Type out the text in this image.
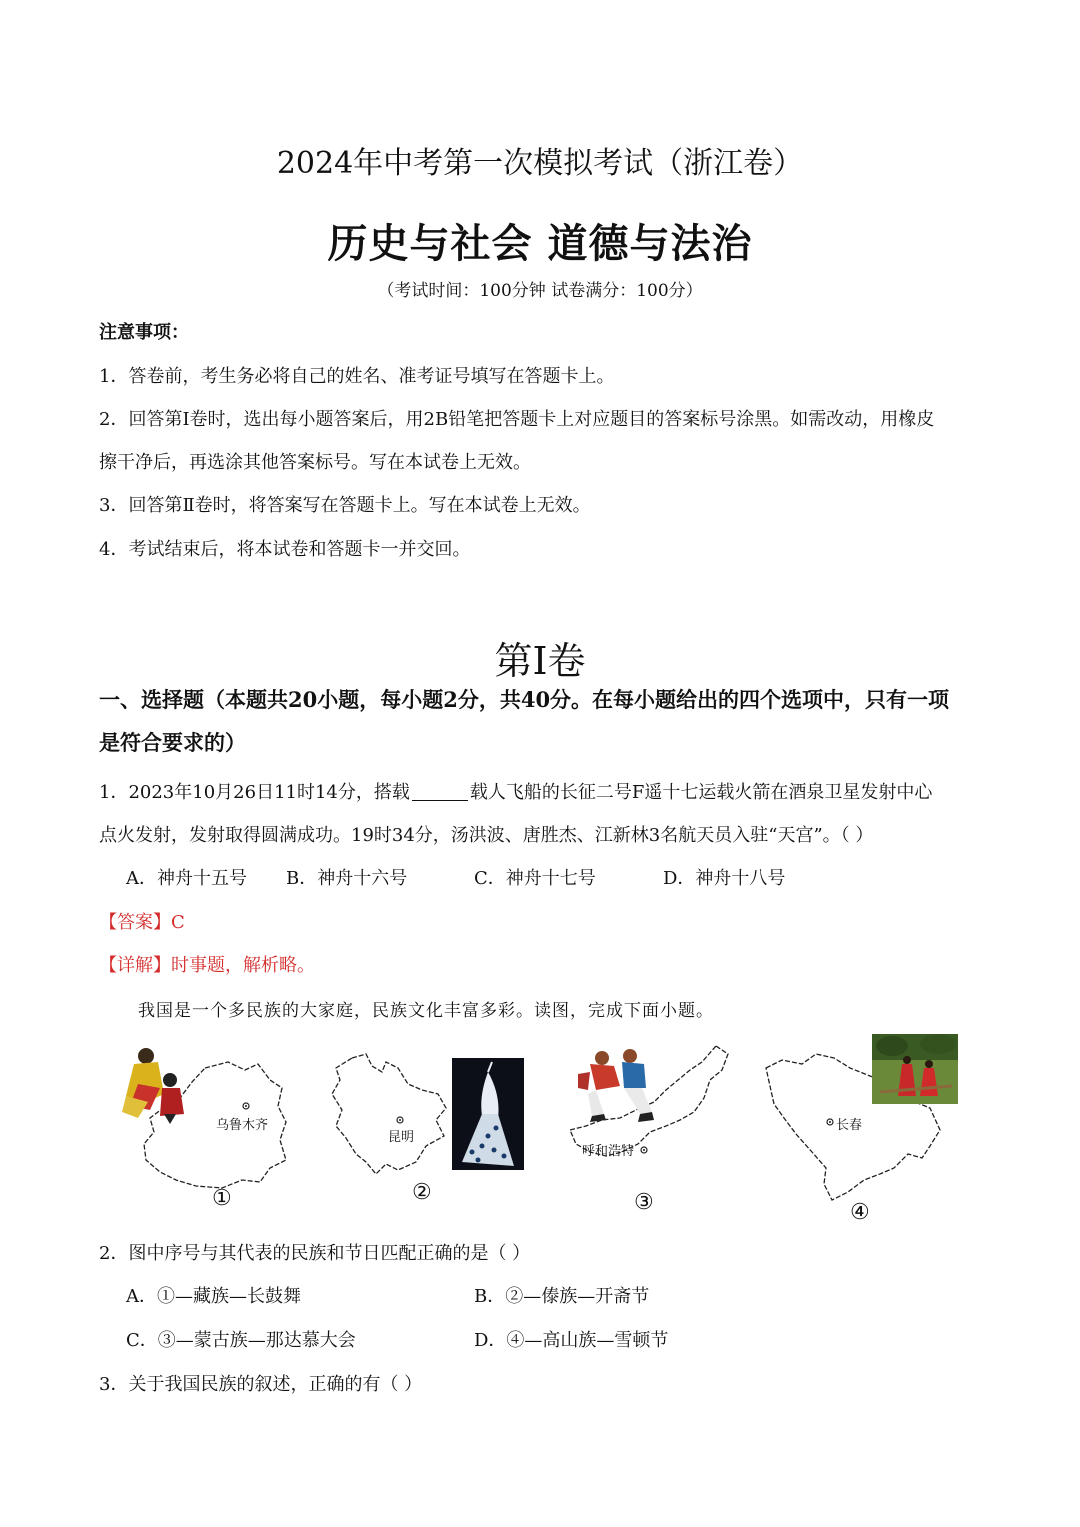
2024年中考第一次模拟考试（浙江卷）
历史与社会 道德与法治
（考试时间：100分钟 试卷满分：100分）
注意事项：
1．答卷前，考生务必将自己的姓名、准考证号填写在答题卡上。
2．回答第Ⅰ卷时，选出每小题答案后，用2B铅笔把答题卡上对应题目的答案标号涂黑。如需改动，用橡皮
擦干净后，再选涂其他答案标号。写在本试卷上无效。
3．回答第Ⅱ卷时，将答案写在答题卡上。写在本试卷上无效。
4．考试结束后，将本试卷和答题卡一并交回。
第Ⅰ卷
一、选择题（本题共20小题，每小题2分，共40分。在每小题给出的四个选项中，只有一项
是符合要求的）
1．2023年10月26日11时14分，搭载	载人飞船的长征二号F遥十七运载火箭在酒泉卫星发射中心
点火发射，发射取得圆满成功。19时34分，汤洪波、唐胜杰、江新林3名航天员入驻“天宫”。（ ）
A．神舟十五号 B．神舟十六号	C．神舟十七号	D．神舟十八号
【答案】C
【详解】时事题，解析略。
我国是一个多民族的大家庭，民族文化丰富多彩。读图，完成下面小题。
乌鲁木齐
①
昆明
②
呼和浩特
③
长春
④
2．图中序号与其代表的民族和节日匹配正确的是（ ）
A．①—藏族—长鼓舞	B．②—傣族—开斋节
C．③—蒙古族—那达慕大会	D．④—高山族—雪顿节
3．关于我国民族的叙述，正确的有（ ）
